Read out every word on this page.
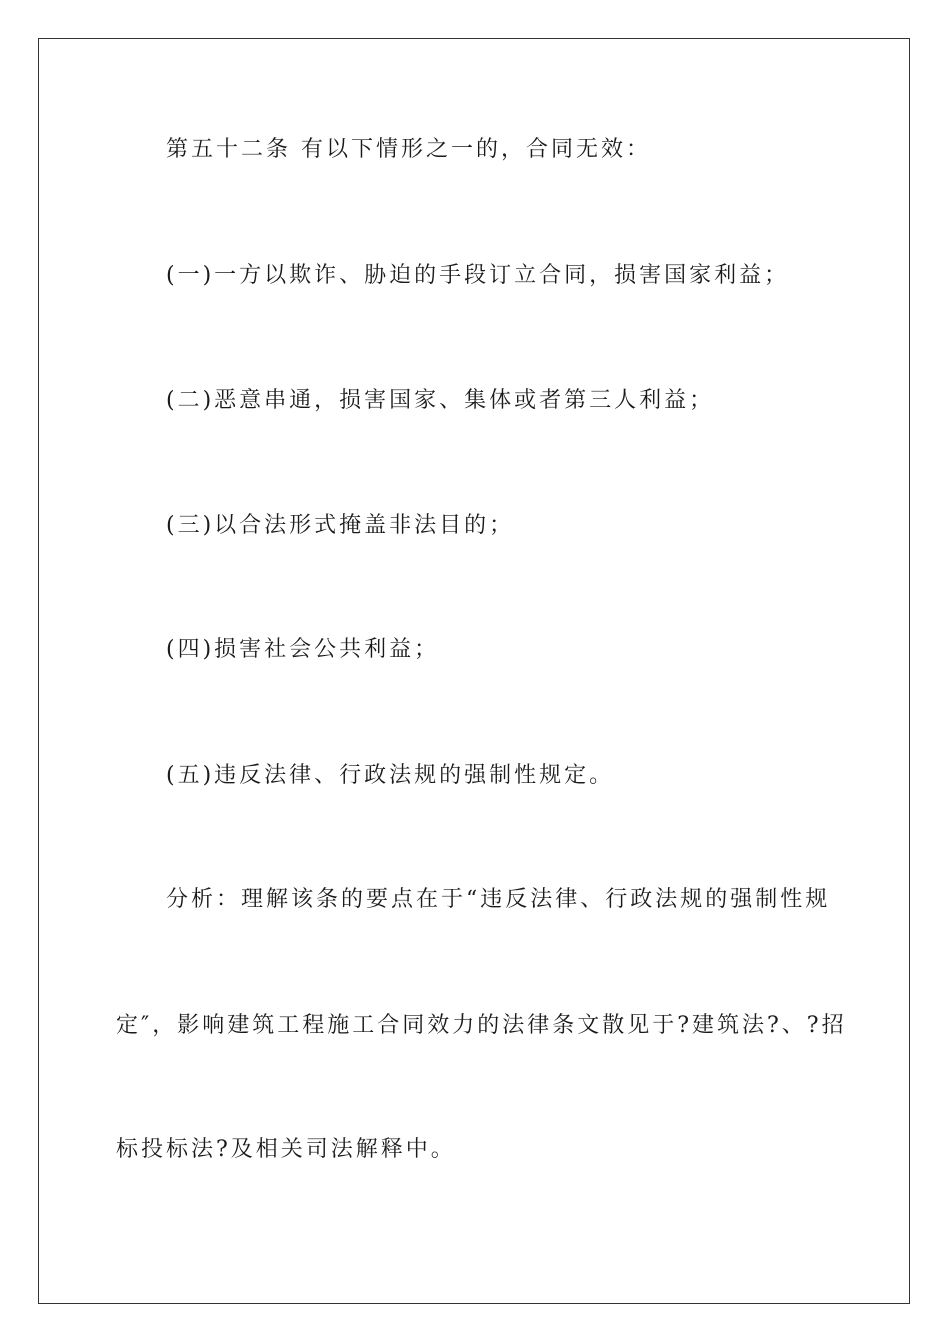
第五十二条 有以下情形之一的，合同无效：
(一)一方以欺诈、胁迫的手段订立合同，损害国家利益；
(二)恶意串通，损害国家、集体或者第三人利益；
(三)以合法形式掩盖非法目的；
(四)损害社会公共利益；
(五)违反法律、行政法规的强制性规定。
分析：理解该条的要点在于“违反法律、行政法规的强制性规
定″，影响建筑工程施工合同效力的法律条文散见于?建筑法?、?招
标投标法?及相关司法解释中。
